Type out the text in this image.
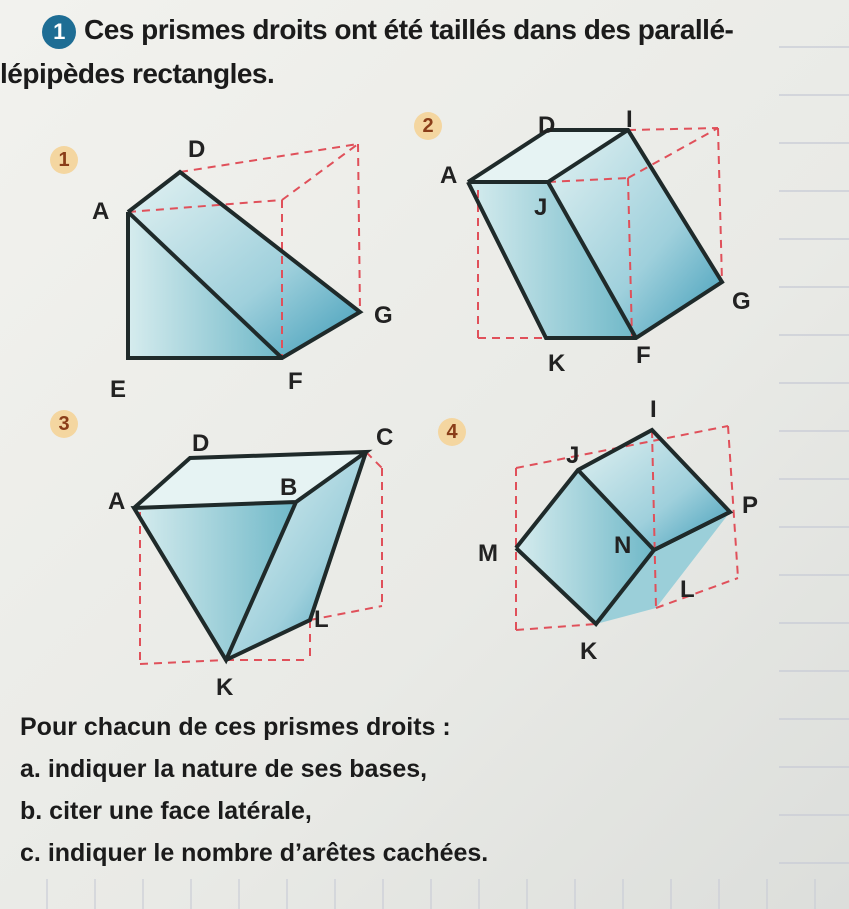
1 Ces prismes droits ont été taillés dans des parallé-
lépipèdes rectangles.
1
2
3	4
D
A
E	F
G
D	I
A
J
G
K	F
D	C
B
A
L
K
I
J
P
M	N
L
K
Pour chacun de ces prismes droits :
a. indiquer la nature de ses bases,
b. citer une face latérale,
c. indiquer le nombre d’arêtes cachées.
